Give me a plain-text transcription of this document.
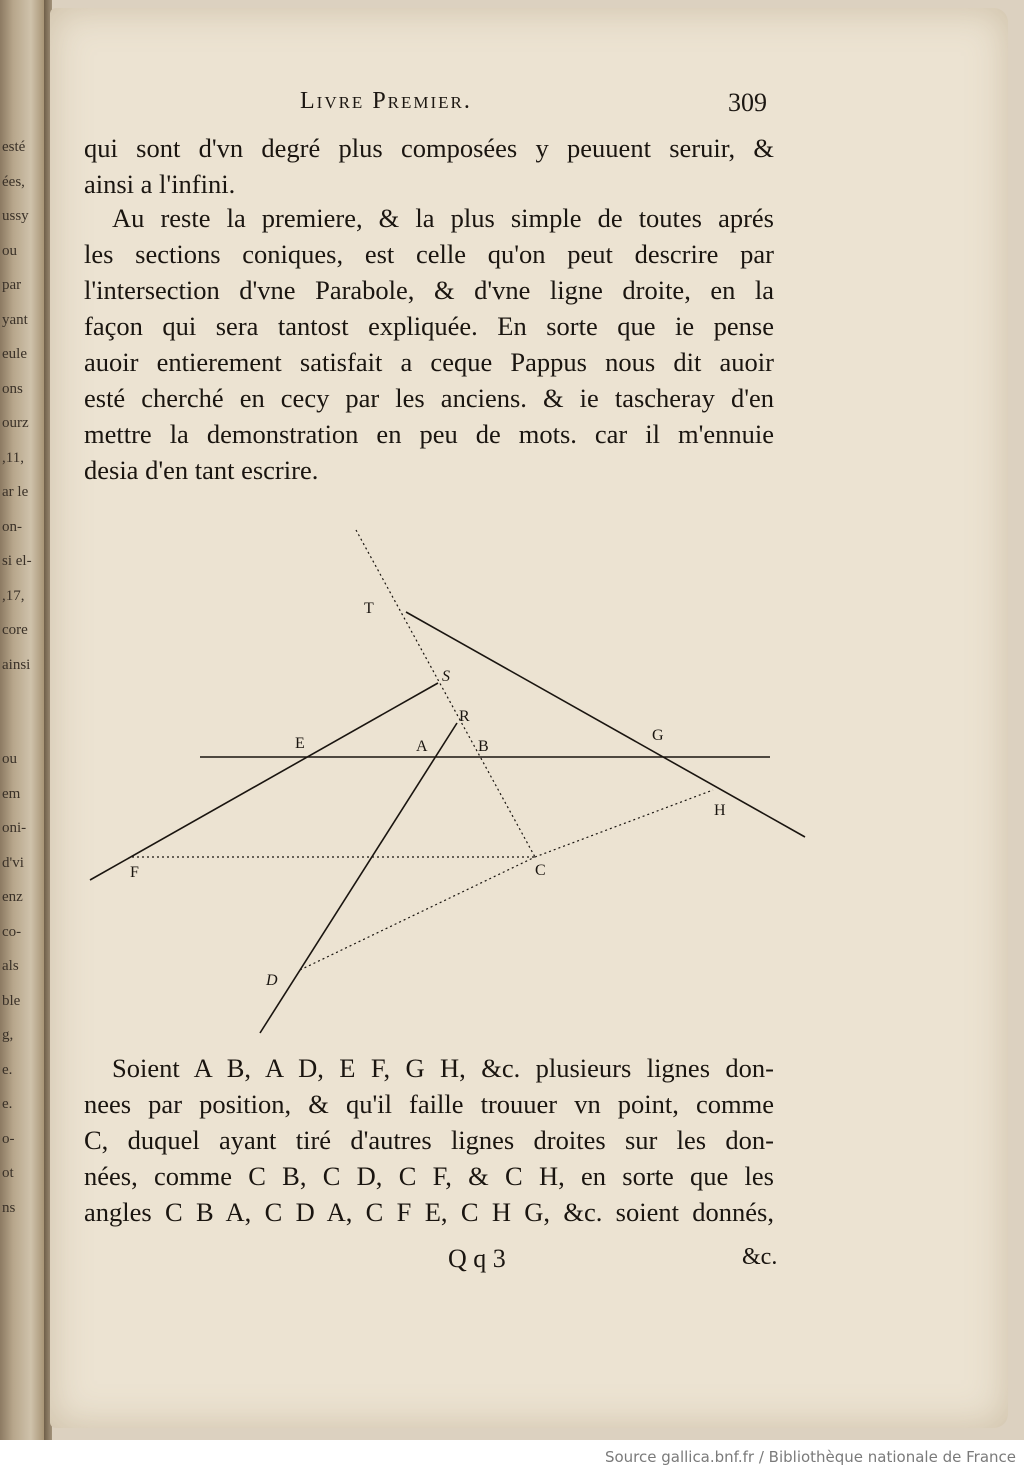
esté
ées,
ussy
ou
par
yant
eule
ons
ourz
,11,
ar le
on-
si el-
,17,
core
ainsi
ou
em
oni-
d'vi
enz
co-
als
ble
g,
e.
e.
o-
ot
ns
Livre Premier.	309
qui sont d'vn degré plus composées y peuuent seruir, &
ainsi a l'infini.
Au reste la premiere, & la plus simple de toutes aprés
les sections coniques, est celle qu'on peut descrire par
l'intersection d'vne Parabole, & d'vne ligne droite, en la
façon qui sera tantost expliquée. En sorte que ie pense
auoir entierement satisfait a ceque Pappus nous dit auoir
esté cherché en cecy par les anciens. & ie tascheray d'en
mettre la demonstration en peu de mots. car il m'ennuie
desia d'en tant escrire.
T
S
R
E	A	B
G
H
F	C
D
Soient A B, A D, E F, G H, &c. plusieurs lignes don-
nees par position, & qu'il faille trouuer vn point, comme
C, duquel ayant tiré d'autres lignes droites sur les don-
nées, comme C B, C D, C F, & C H, en sorte que les
angles C B A, C D A, C F E, C H G, &c. soient donnés,
Q q 3	&c.
Source gallica.bnf.fr / Bibliothèque nationale de France
